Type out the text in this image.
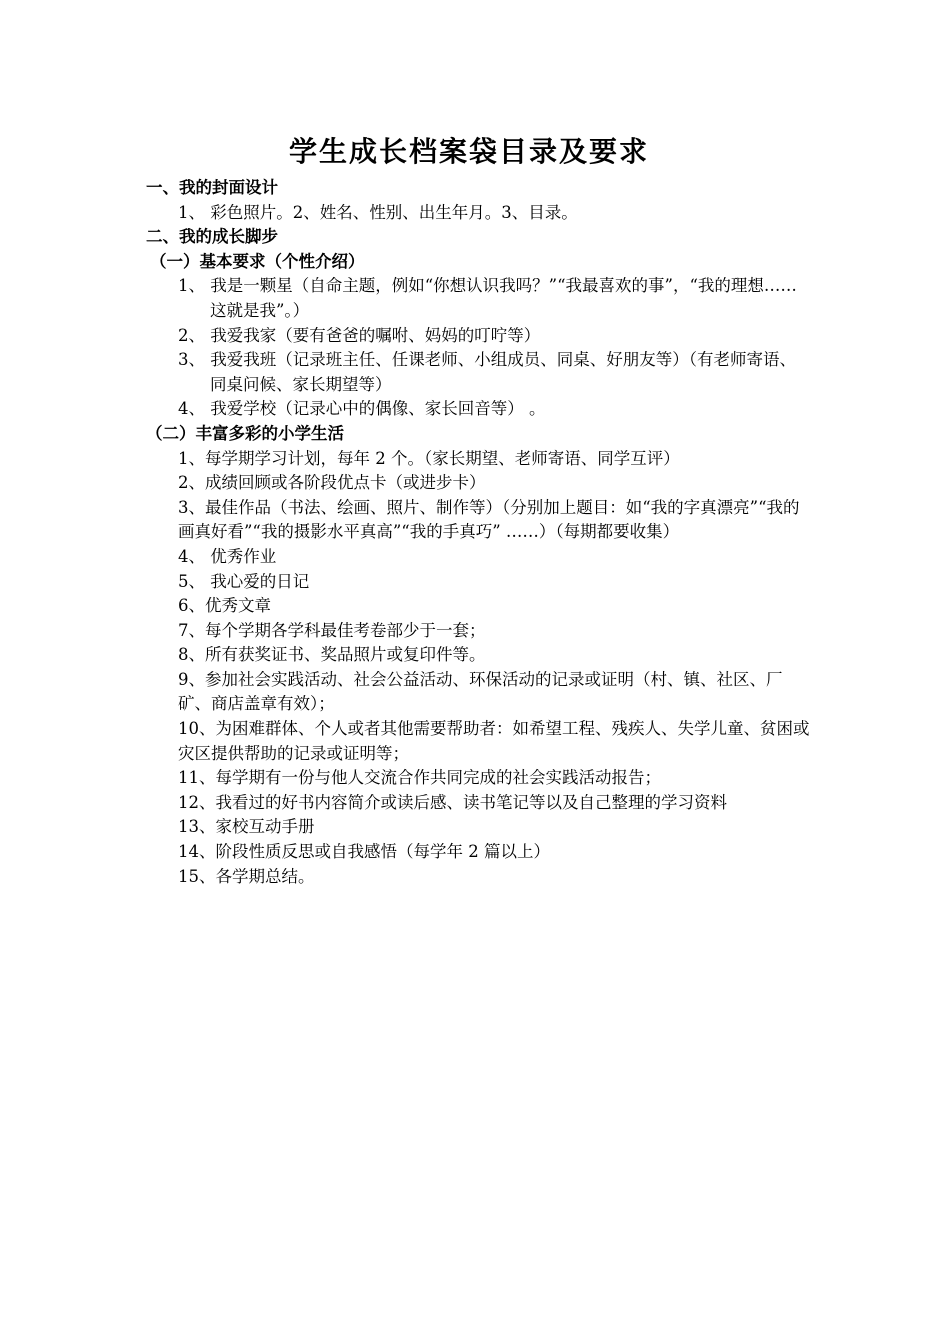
学生成长档案袋目录及要求
一、我的封面设计
1、 彩色照片。2、姓名、性别、出生年月。3、目录。
二、我的成长脚步
（一）基本要求（个性介绍）
1、 我是一颗星（自命主题，例如“你想认识我吗？”“我最喜欢的事”，“我的理想……这就是我”。）
2、 我爱我家（要有爸爸的嘱咐、妈妈的叮咛等）
3、 我爱我班（记录班主任、任课老师、小组成员、同桌、好朋友等）（有老师寄语、同桌问候、家长期望等）
4、 我爱学校（记录心中的偶像、家长回音等） 。
（二）丰富多彩的小学生活
1、每学期学习计划，每年 2 个。（家长期望、老师寄语、同学互评）
2、成绩回顾或各阶段优点卡（或进步卡）
3、最佳作品（书法、绘画、照片、制作等）（分别加上题目：如“我的字真漂亮”“我的画真好看”“我的摄影水平真高”“我的手真巧” ……）（每期都要收集）
4、 优秀作业
5、 我心爱的日记
6、优秀文章
7、每个学期各学科最佳考卷部少于一套；
8、所有获奖证书、奖品照片或复印件等。
9、参加社会实践活动、社会公益活动、环保活动的记录或证明（村、镇、社区、厂矿、商店盖章有效）；
10、为困难群体、个人或者其他需要帮助者：如希望工程、残疾人、失学儿童、贫困或灾区提供帮助的记录或证明等；
11、每学期有一份与他人交流合作共同完成的社会实践活动报告；
12、我看过的好书内容简介或读后感、读书笔记等以及自己整理的学习资料
13、家校互动手册
14、阶段性质反思或自我感悟（每学年 2 篇以上）
15、各学期总结。
